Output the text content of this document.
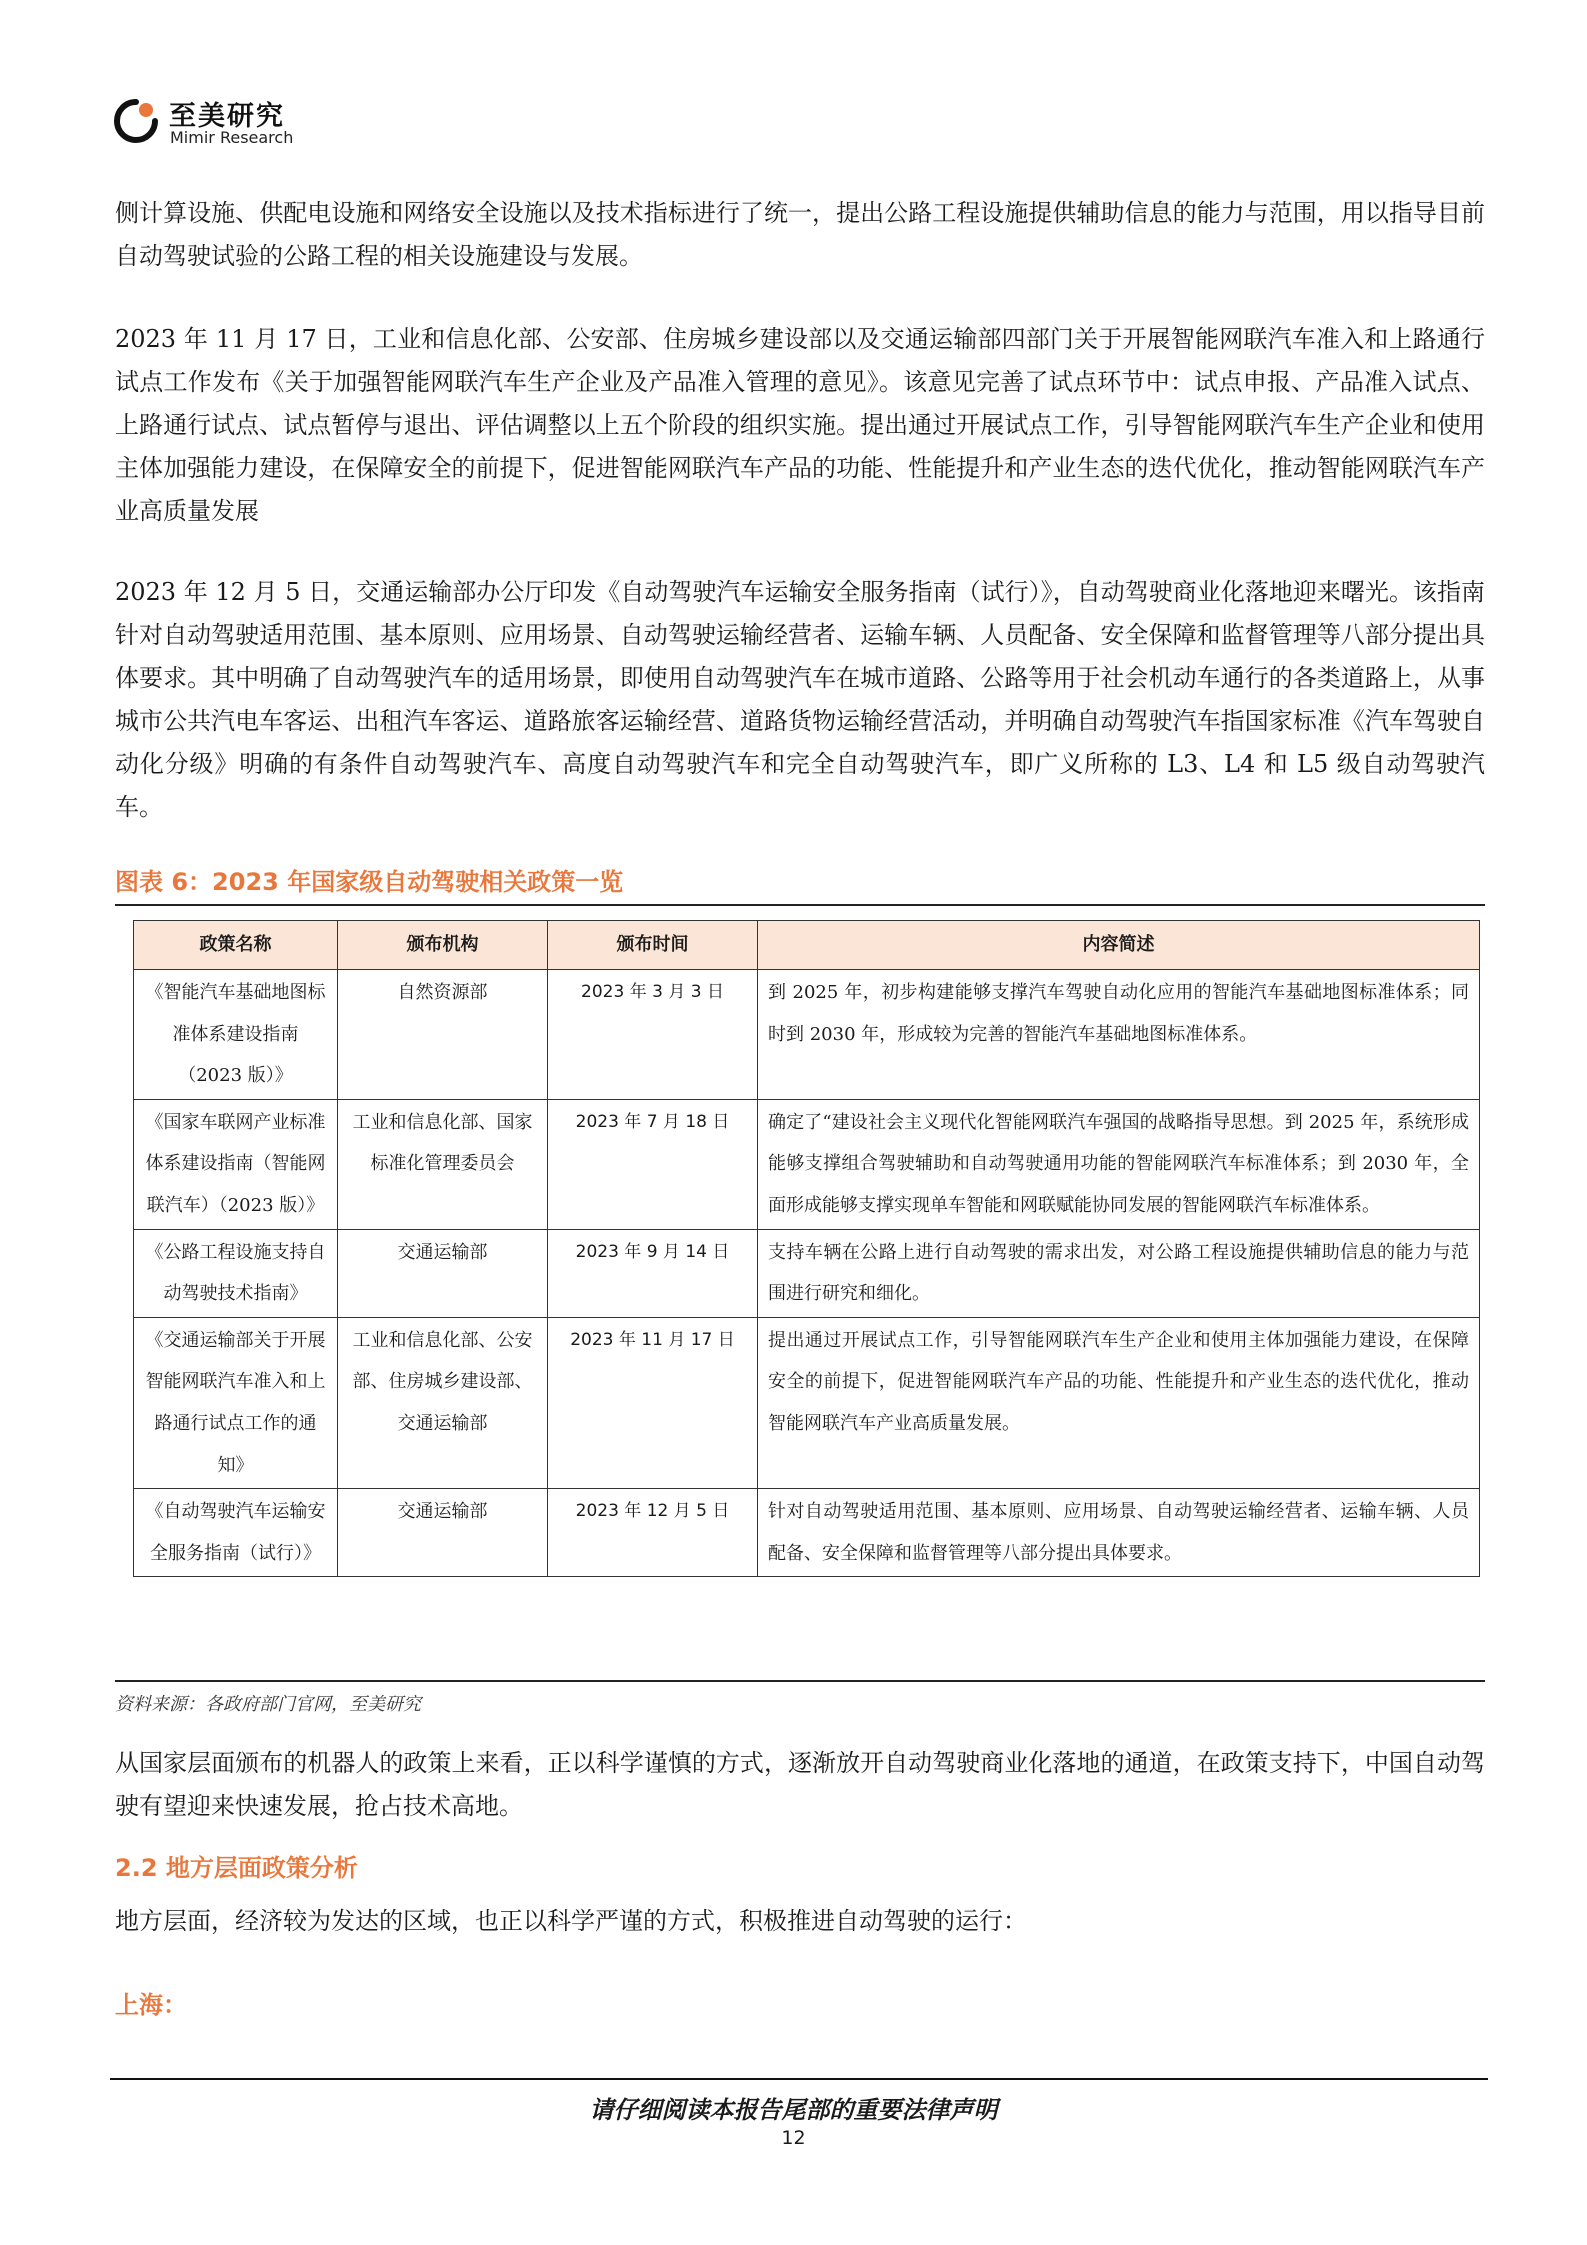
至美研究
Mimir Research

侧计算设施、供配电设施和网络安全设施以及技术指标进行了统一，提出公路工程设施提供辅助信息的能力与范围，用以指导目前自动驾驶试验的公路工程的相关设施建设与发展。

2023 年 11 月 17 日，工业和信息化部、公安部、住房城乡建设部以及交通运输部四部门关于开展智能网联汽车准入和上路通行试点工作发布《关于加强智能网联汽车生产企业及产品准入管理的意见》。该意见完善了试点环节中：试点申报、产品准入试点、上路通行试点、试点暂停与退出、评估调整以上五个阶段的组织实施。提出通过开展试点工作，引导智能网联汽车生产企业和使用主体加强能力建设，在保障安全的前提下，促进智能网联汽车产品的功能、性能提升和产业生态的迭代优化，推动智能网联汽车产业高质量发展

2023 年 12 月 5 日，交通运输部办公厅印发《自动驾驶汽车运输安全服务指南（试行）》，自动驾驶商业化落地迎来曙光。该指南针对自动驾驶适用范围、基本原则、应用场景、自动驾驶运输经营者、运输车辆、人员配备、安全保障和监督管理等八部分提出具体要求。其中明确了自动驾驶汽车的适用场景，即使用自动驾驶汽车在城市道路、公路等用于社会机动车通行的各类道路上，从事城市公共汽电车客运、出租汽车客运、道路旅客运输经营、道路货物运输经营活动，并明确自动驾驶汽车指国家标准《汽车驾驶自动化分级》明确的有条件自动驾驶汽车、高度自动驾驶汽车和完全自动驾驶汽车，即广义所称的 L3、L4 和 L5 级自动驾驶汽车。

图表 6：2023 年国家级自动驾驶相关政策一览
政策名称	颁布机构	颁布时间	内容简述
《智能汽车基础地图标准体系建设指南（2023 版）》	自然资源部	2023 年 3 月 3 日	到 2025 年，初步构建能够支撑汽车驾驶自动化应用的智能汽车基础地图标准体系；同时到 2030 年，形成较为完善的智能汽车基础地图标准体系。
《国家车联网产业标准体系建设指南（智能网联汽车）（2023 版）》	工业和信息化部、国家标准化管理委员会	2023 年 7 月 18 日	确定了“建设社会主义现代化智能网联汽车强国的战略指导思想。到 2025 年，系统形成能够支撑组合驾驶辅助和自动驾驶通用功能的智能网联汽车标准体系；到 2030 年，全面形成能够支撑实现单车智能和网联赋能协同发展的智能网联汽车标准体系。
《公路工程设施支持自动驾驶技术指南》	交通运输部	2023 年 9 月 14 日	支持车辆在公路上进行自动驾驶的需求出发，对公路工程设施提供辅助信息的能力与范围进行研究和细化。
《交通运输部关于开展智能网联汽车准入和上路通行试点工作的通知》	工业和信息化部、公安部、住房城乡建设部、交通运输部	2023 年 11 月 17 日	提出通过开展试点工作，引导智能网联汽车生产企业和使用主体加强能力建设，在保障安全的前提下，促进智能网联汽车产品的功能、性能提升和产业生态的迭代优化，推动智能网联汽车产业高质量发展。
《自动驾驶汽车运输安全服务指南（试行）》	交通运输部	2023 年 12 月 5 日	针对自动驾驶适用范围、基本原则、应用场景、自动驾驶运输经营者、运输车辆、人员配备、安全保障和监督管理等八部分提出具体要求。
资料来源：各政府部门官网，至美研究

从国家层面颁布的机器人的政策上来看，正以科学谨慎的方式，逐渐放开自动驾驶商业化落地的通道，在政策支持下，中国自动驾驶有望迎来快速发展，抢占技术高地。

2.2 地方层面政策分析

地方层面，经济较为发达的区域，也正以科学严谨的方式，积极推进自动驾驶的运行：

上海：
请仔细阅读本报告尾部的重要法律声明
12
